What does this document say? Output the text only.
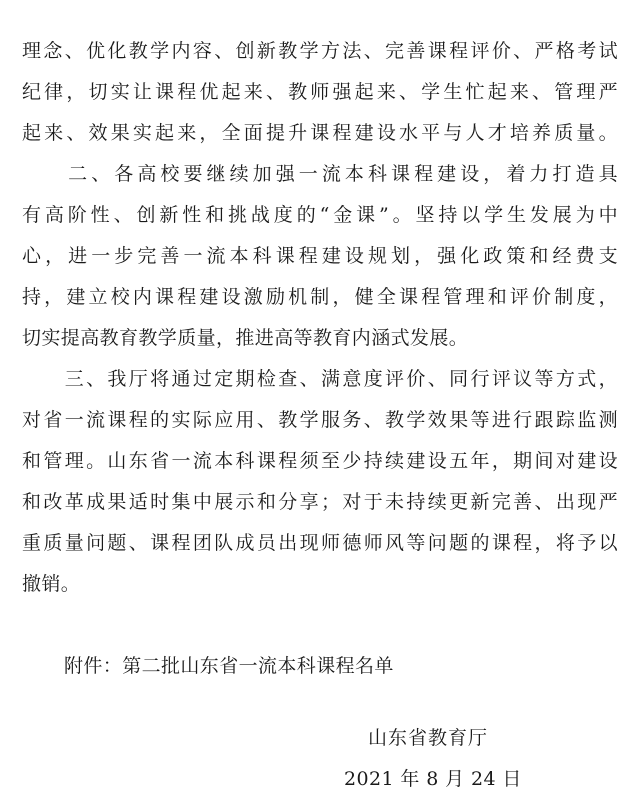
理念、优化教学内容、创新教学方法、完善课程评价、严格考试
纪律，切实让课程优起来、教师强起来、学生忙起来、管理严
起来、效果实起来，全面提升课程建设水平与人才培养质量。
　　二、各高校要继续加强一流本科课程建设，着力打造具
有高阶性、创新性和挑战度的“金课”。坚持以学生发展为中
心，进一步完善一流本科课程建设规划，强化政策和经费支
持，建立校内课程建设激励机制，健全课程管理和评价制度，
切实提高教育教学质量，推进高等教育内涵式发展。
　　三、我厅将通过定期检查、满意度评价、同行评议等方式，
对省一流课程的实际应用、教学服务、教学效果等进行跟踪监测
和管理。山东省一流本科课程须至少持续建设五年，期间对建设
和改革成果适时集中展示和分享；对于未持续更新完善、出现严
重质量问题、课程团队成员出现师德师风等问题的课程，将予以
撤销。
附件：第二批山东省一流本科课程名单
山东省教育厅
2021 年 8 月 24 日
